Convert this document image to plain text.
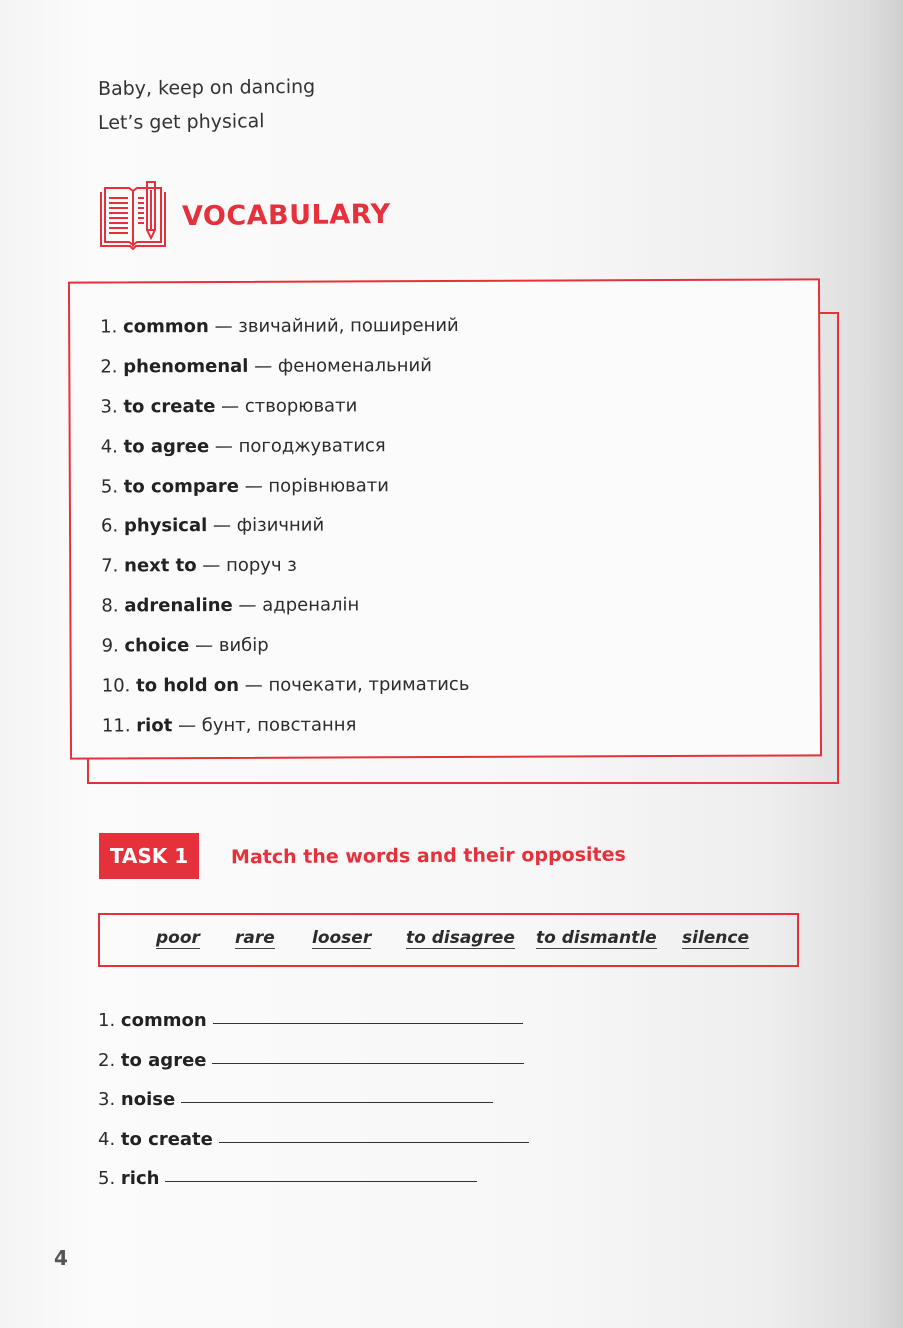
Baby, keep on dancing
Let’s get physical
VOCABULARY
1. common — звичайний, поширений
2. phenomenal — феноменальний
3. to create — створювати
4. to agree — погоджуватися
5. to compare — порівнювати
6. physical — фізичний
7. next to — поруч з
8. adrenaline — адреналін
9. choice — вибір
10. to hold on — почекати, триматись
11. riot — бунт, повстання
TASK 1	Match the words and their opposites
poor rare looser to disagree to dismantle silence
1. common
2. to agree
3. noise
4. to create
5. rich
4
